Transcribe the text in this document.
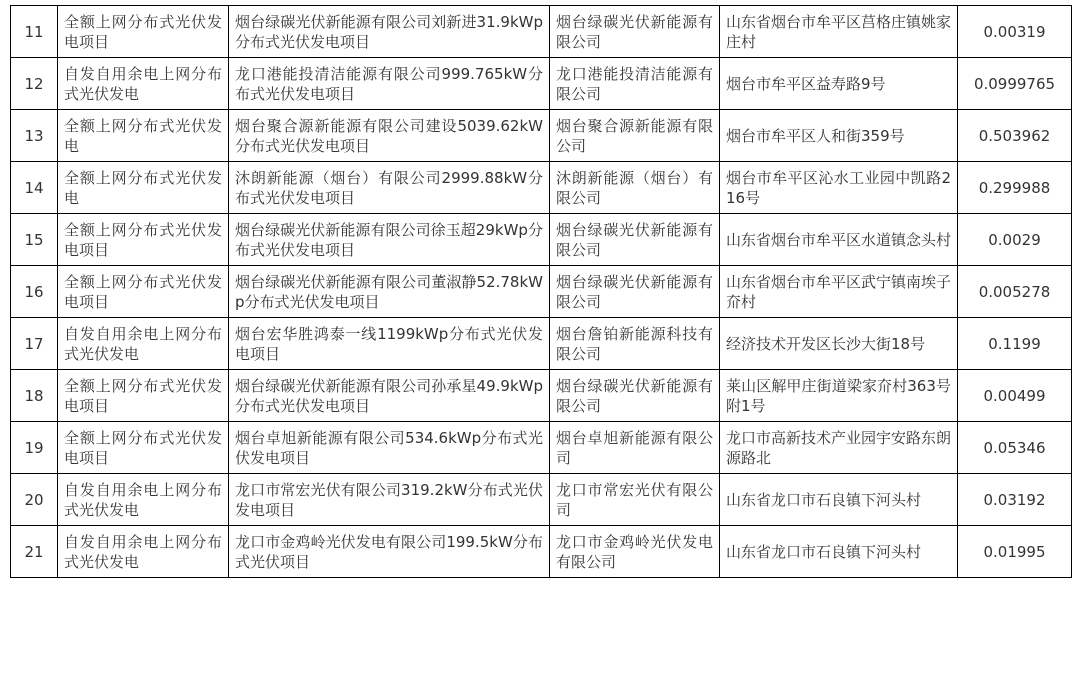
11	全额上网分布式光伏发电项目	烟台绿碳光伏新能源有限公司刘新进31.9kWp分布式光伏发电项目	烟台绿碳光伏新能源有限公司	山东省烟台市牟平区莒格庄镇姚家庄村	0.00319
12	自发自用余电上网分布式光伏发电	龙口港能投清洁能源有限公司999.765kW分布式光伏发电项目	龙口港能投清洁能源有限公司	烟台市牟平区益寿路9号	0.0999765
13	全额上网分布式光伏发电	烟台聚合源新能源有限公司建设5039.62kW分布式光伏发电项目	烟台聚合源新能源有限公司	烟台市牟平区人和街359号	0.503962
14	全额上网分布式光伏发电	沐朗新能源（烟台）有限公司2999.88kW分布式光伏发电项目	沐朗新能源（烟台）有限公司	烟台市牟平区沁水工业园中凯路216号	0.299988
15	全额上网分布式光伏发电项目	烟台绿碳光伏新能源有限公司徐玉超29kWp分布式光伏发电项目	烟台绿碳光伏新能源有限公司	山东省烟台市牟平区水道镇念头村	0.0029
16	全额上网分布式光伏发电项目	烟台绿碳光伏新能源有限公司董淑静52.78kWp分布式光伏发电项目	烟台绿碳光伏新能源有限公司	山东省烟台市牟平区武宁镇南埃子夼村	0.005278
17	自发自用余电上网分布式光伏发电	烟台宏华胜鸿泰一线1199kWp分布式光伏发电项目	烟台詹铂新能源科技有限公司	经济技术开发区长沙大街18号	0.1199
18	全额上网分布式光伏发电项目	烟台绿碳光伏新能源有限公司孙承星49.9kWp分布式光伏发电项目	烟台绿碳光伏新能源有限公司	莱山区解甲庄街道梁家夼村363号附1号	0.00499
19	全额上网分布式光伏发电项目	烟台卓旭新能源有限公司534.6kWp分布式光伏发电项目	烟台卓旭新能源有限公司	龙口市高新技术产业园宇安路东朗源路北	0.05346
20	自发自用余电上网分布式光伏发电	龙口市常宏光伏有限公司319.2kW分布式光伏发电项目	龙口市常宏光伏有限公司	山东省龙口市石良镇下河头村	0.03192
21	自发自用余电上网分布式光伏发电	龙口市金鸡岭光伏发电有限公司199.5kW分布式光伏项目	龙口市金鸡岭光伏发电有限公司	山东省龙口市石良镇下河头村	0.01995
